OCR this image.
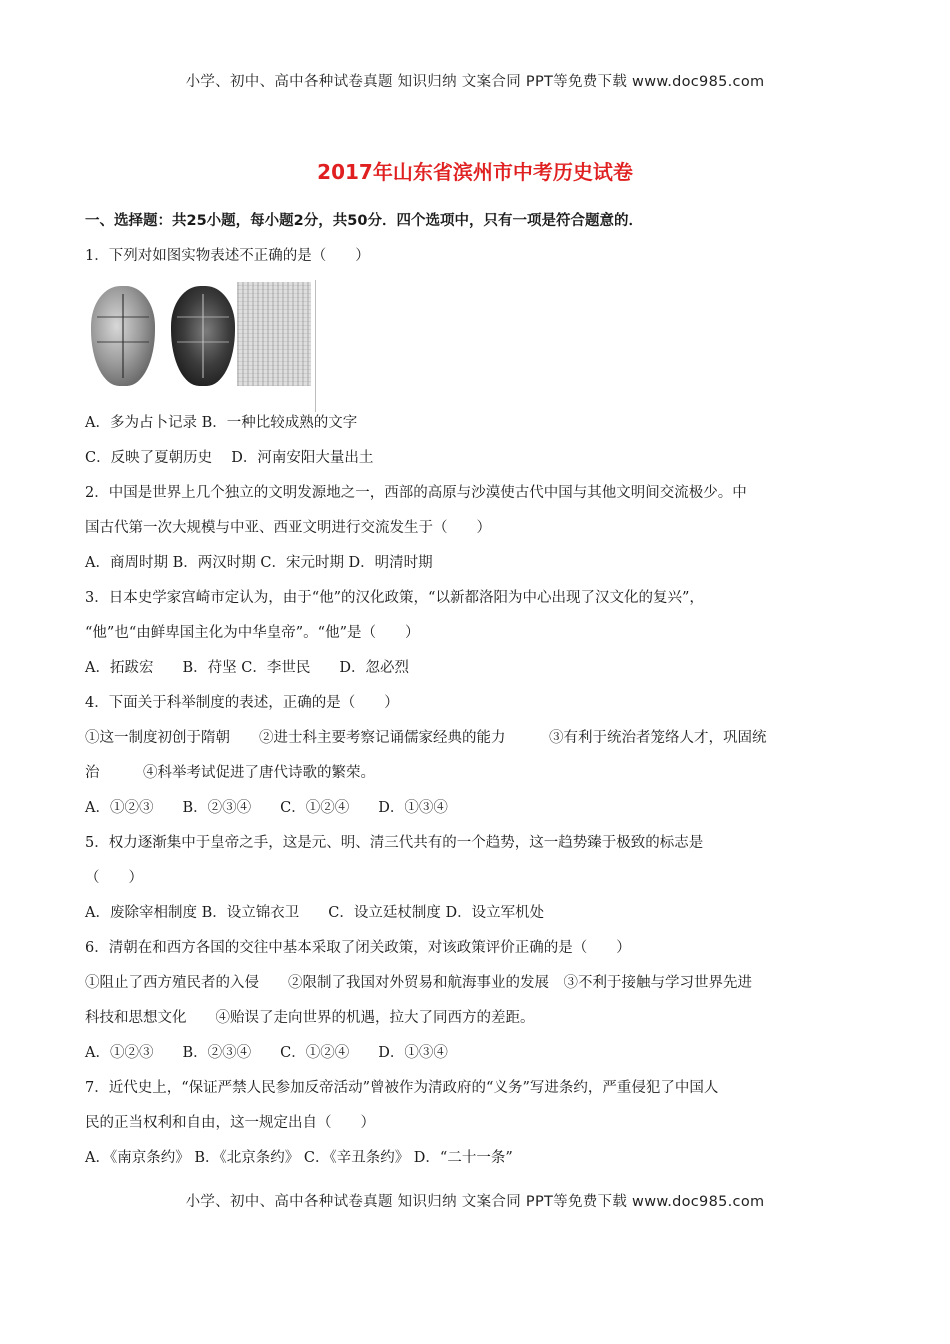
小学、初中、高中各种试卷真题 知识归纳 文案合同 PPT等免费下载 www.doc985.com
2017年山东省滨州市中考历史试卷
一、选择题：共25小题，每小题2分，共50分．四个选项中，只有一项是符合题意的．
1．下列对如图实物表述不正确的是（　　）
A．多为占卜记录 B．一种比较成熟的文字
C．反映了夏朝历史　 D．河南安阳大量出土
2．中国是世界上几个独立的文明发源地之一，西部的高原与沙漠使古代中国与其他文明间交流极少。中
国古代第一次大规模与中亚、西亚文明进行交流发生于（　　）
A．商周时期 B．两汉时期 C．宋元时期 D．明清时期
3．日本史学家宫崎市定认为，由于“他”的汉化政策，“以新都洛阳为中心出现了汉文化的复兴”，
“他”也“由鲜卑国主化为中华皇帝”。“他”是（　　）
A．拓跋宏　　B．苻坚 C．李世民　　D．忽必烈
4．下面关于科举制度的表述，正确的是（　　）
①这一制度初创于隋朝　　②进士科主要考察记诵儒家经典的能力　　　③有利于统治者笼络人才，巩固统
治　　　④科举考试促进了唐代诗歌的繁荣。
A．①②③　　B．②③④　　C．①②④　　D．①③④
5．权力逐渐集中于皇帝之手，这是元、明、清三代共有的一个趋势，这一趋势臻于极致的标志是
（　　）
A．废除宰相制度 B．设立锦衣卫　　C．设立廷杖制度 D．设立军机处
6．清朝在和西方各国的交往中基本采取了闭关政策，对该政策评价正确的是（　　）
①阻止了西方殖民者的入侵　　②限制了我国对外贸易和航海事业的发展　③不利于接触与学习世界先进
科技和思想文化　　④贻误了走向世界的机遇，拉大了同西方的差距。
A．①②③　　B．②③④　　C．①②④　　D．①③④
7．近代史上，“保证严禁人民参加反帝活动”曾被作为清政府的“义务”写进条约，严重侵犯了中国人
民的正当权利和自由，这一规定出自（　　）
A．《南京条约》 B．《北京条约》 C．《辛丑条约》 D．“二十一条”
小学、初中、高中各种试卷真题 知识归纳 文案合同 PPT等免费下载 www.doc985.com
